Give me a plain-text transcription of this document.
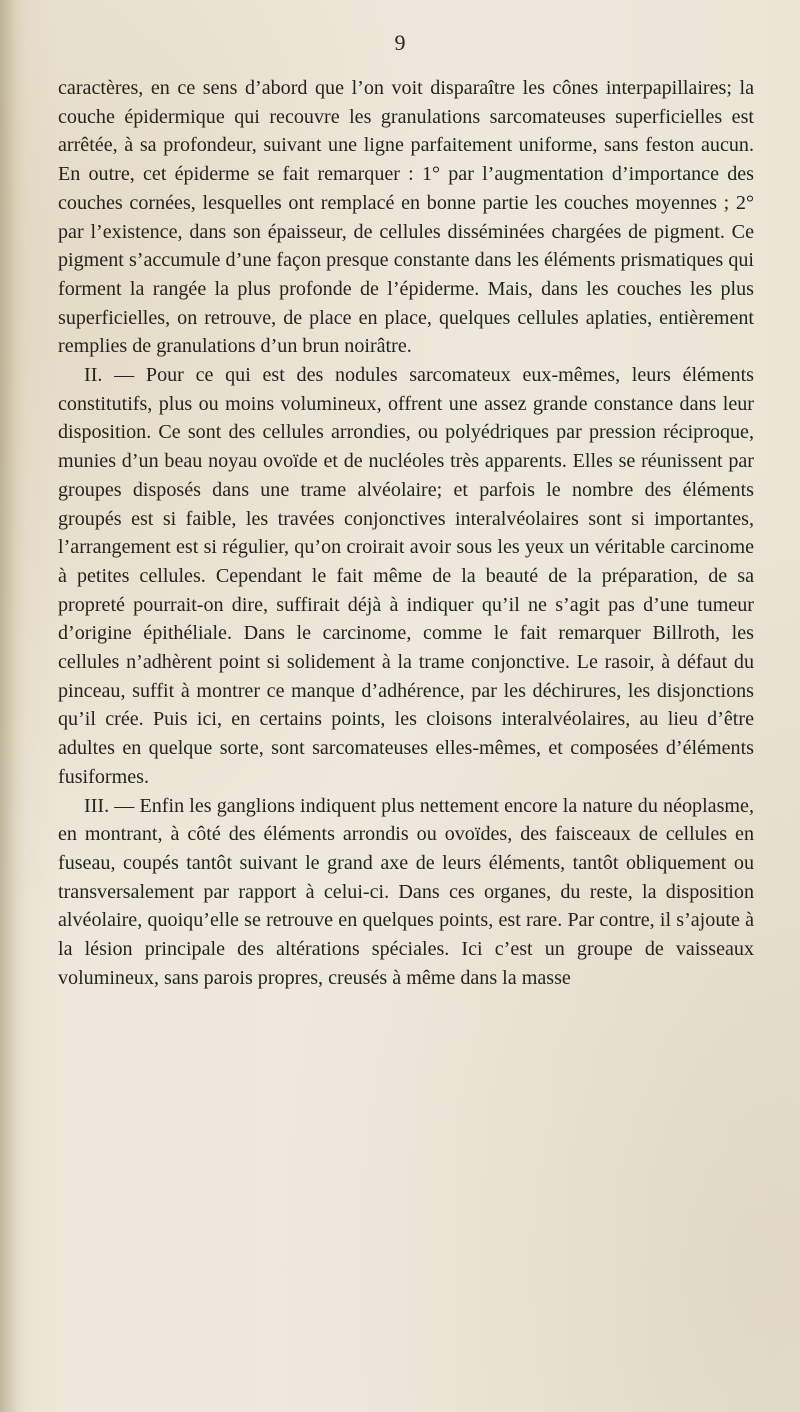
9

caractères, en ce sens d’abord que l’on voit disparaître les cônes interpapillaires; la couche épidermique qui recouvre les granulations sarcomateuses superficielles est arrêtée, à sa profondeur, suivant une ligne parfaitement uniforme, sans feston aucun. En outre, cet épiderme se fait remarquer : 1° par l’augmentation d’importance des couches cornées, lesquelles ont remplacé en bonne partie les couches moyennes ; 2° par l’existence, dans son épaisseur, de cellules disséminées chargées de pigment. Ce pigment s’accumule d’une façon presque constante dans les éléments prismatiques qui forment la rangée la plus profonde de l’épiderme. Mais, dans les couches les plus superficielles, on retrouve, de place en place, quelques cellules aplaties, entièrement remplies de granulations d’un brun noirâtre.

II. — Pour ce qui est des nodules sarcomateux eux-mêmes, leurs éléments constitutifs, plus ou moins volumineux, offrent une assez grande constance dans leur disposition. Ce sont des cellules arrondies, ou polyédriques par pression réciproque, munies d’un beau noyau ovoïde et de nucléoles très apparents. Elles se réunissent par groupes disposés dans une trame alvéolaire; et parfois le nombre des éléments groupés est si faible, les travées conjonctives interalvéolaires sont si importantes, l’arrangement est si régulier, qu’on croirait avoir sous les yeux un véritable carcinome à petites cellules. Cependant le fait même de la beauté de la préparation, de sa propreté pourrait-on dire, suffirait déjà à indiquer qu’il ne s’agit pas d’une tumeur d’origine épithéliale. Dans le carcinome, comme le fait remarquer Billroth, les cellules n’adhèrent point si solidement à la trame conjonctive. Le rasoir, à défaut du pinceau, suffit à montrer ce manque d’adhérence, par les déchirures, les disjonctions qu’il crée. Puis ici, en certains points, les cloisons interalvéolaires, au lieu d’être adultes en quelque sorte, sont sarcomateuses elles-mêmes, et composées d’éléments fusiformes.

III. — Enfin les ganglions indiquent plus nettement encore la nature du néoplasme, en montrant, à côté des éléments arrondis ou ovoïdes, des faisceaux de cellules en fuseau, coupés tantôt suivant le grand axe de leurs éléments, tantôt obliquement ou transversalement par rapport à celui-ci. Dans ces organes, du reste, la disposition alvéolaire, quoiqu’elle se retrouve en quelques points, est rare. Par contre, il s’ajoute à la lésion principale des altérations spéciales. Ici c’est un groupe de vaisseaux volumineux, sans parois propres, creusés à même dans la masse
